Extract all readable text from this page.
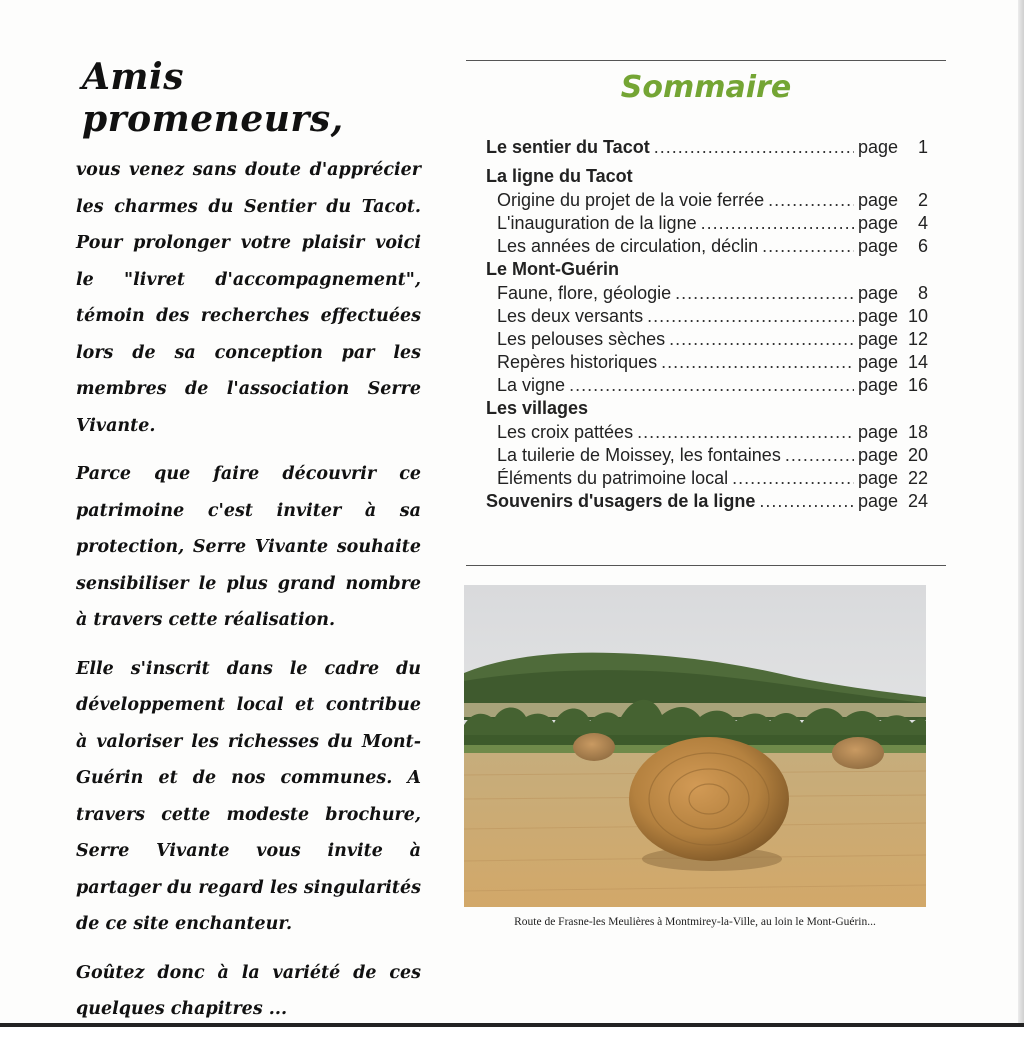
Amis promeneurs,

vous venez sans doute d'apprécier les charmes du Sentier du Tacot. Pour prolonger votre plaisir voici le "livret d'accompagnement", témoin des recherches effectuées lors de sa conception par les membres de l'association Serre Vivante.

Parce que faire découvrir ce patrimoine c'est inviter à sa protection, Serre Vivante souhaite sensibiliser le plus grand nombre à travers cette réalisation.

Elle s'inscrit dans le cadre du développement local et contribue à valoriser les richesses du Mont-Guérin et de nos communes. A travers cette modeste brochure, Serre Vivante vous invite à partager du regard les singularités de ce site enchanteur.

Goûtez donc à la variété de ces quelques chapitres ...

Sommaire
Le sentier du Tacot .....	page	1
La ligne du Tacot
Origine du projet de la voie ferrée .....	page	2
L'inauguration de la ligne .....	page	4
Les années de circulation, déclin .....	page	6
Le Mont-Guérin
Faune, flore, géologie .....	page	8
Les deux versants .....	page 10
Les pelouses sèches .....	page 12
Repères historiques .....	page 14
La vigne .....	page 16
Les villages
Les croix pattées .....	page 18
La tuilerie de Moissey, les fontaines .....	page 20
Éléments du patrimoine local .....	page 22
Souvenirs d'usagers de la ligne .....	page 24
Route de Frasne-les Meulières à Montmirey-la-Ville, au loin le Mont-Guérin...
